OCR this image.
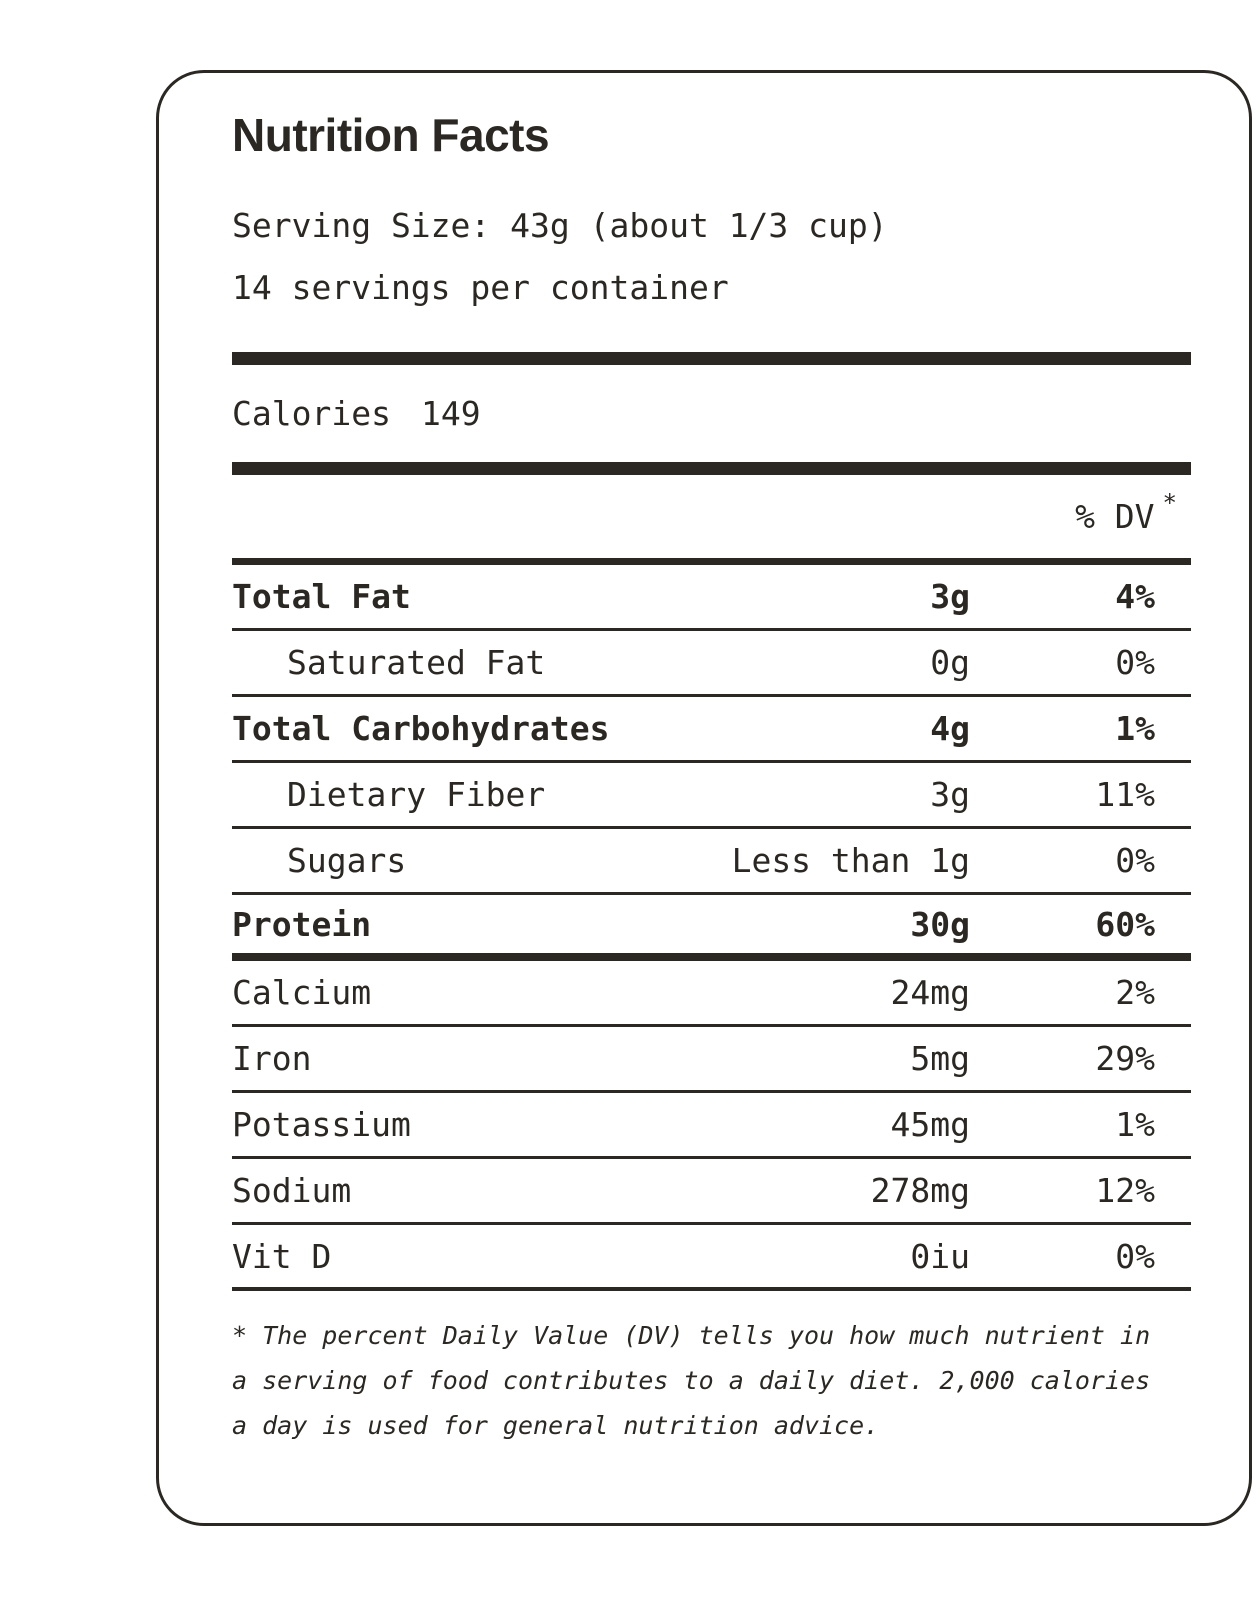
Nutrition Facts
Serving Size: 43g (about 1/3 cup)
14 servings per container
Calories 149
% DV *
Total Fat	3g	4%
Saturated Fat	0g	0%
Total Carbohydrates	4g	1%
Dietary Fiber	3g	11%
Sugars	Less than 1g	0%
Protein	30g	60%
Calcium	24mg	2%
Iron	5mg	29%
Potassium	45mg	1%
Sodium	278mg	12%
Vit D	0iu	0%
* The percent Daily Value (DV) tells you how much nutrient in
a serving of food contributes to a daily diet. 2,000 calories
a day is used for general nutrition advice.
